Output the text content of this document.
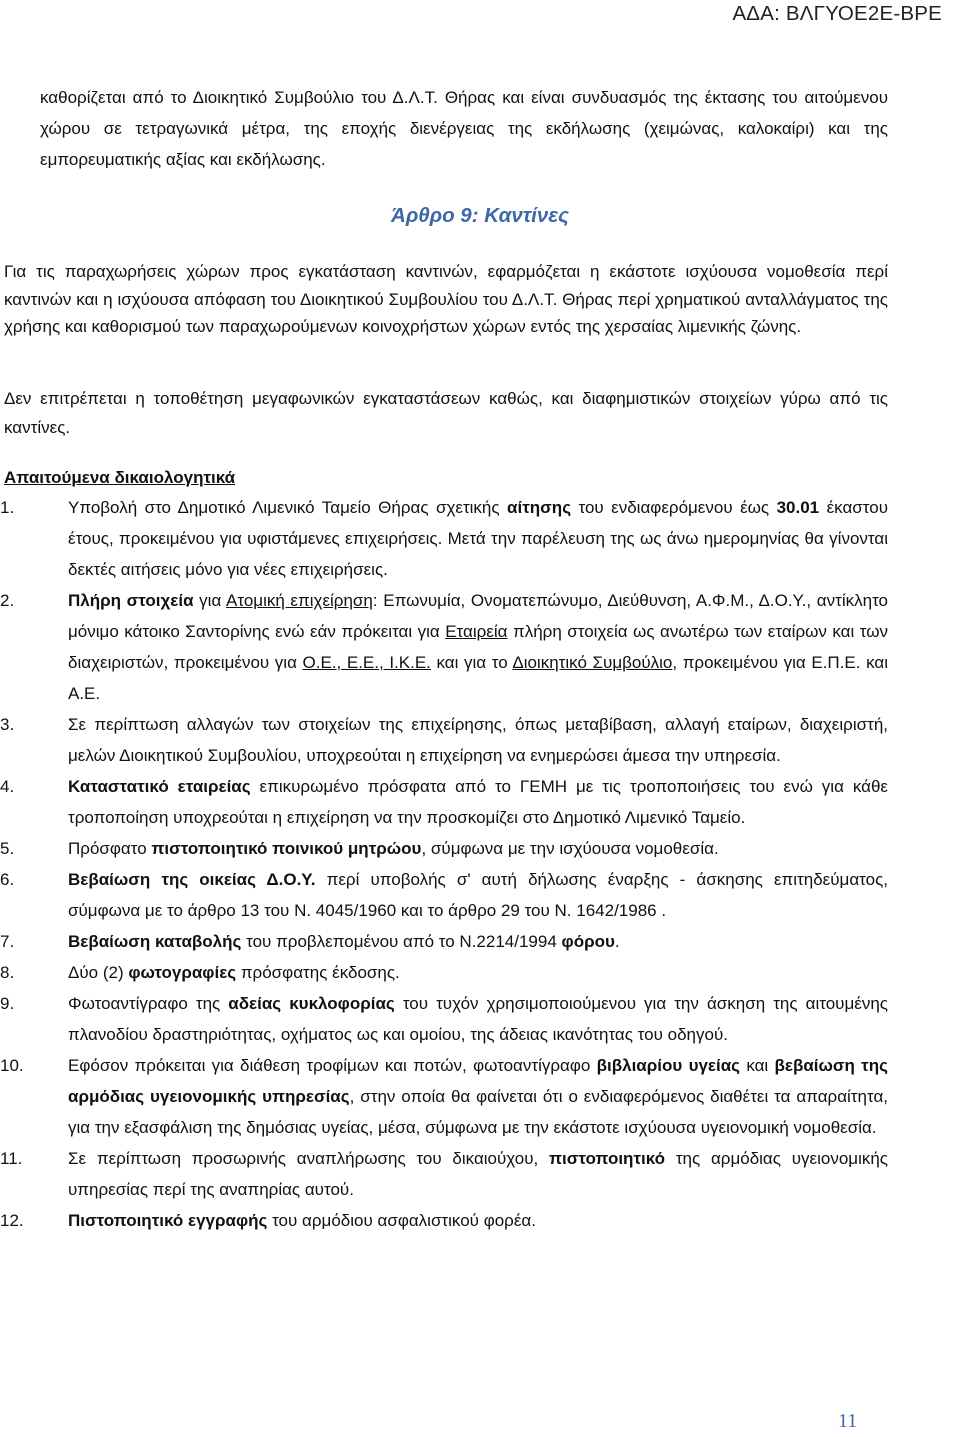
ΑΔΑ: ΒΛΓΥΟΕ2Ε-ΒΡΕ

καθορίζεται από το Διοικητικό Συμβούλιο του Δ.Λ.Τ. Θήρας και είναι συνδυασμός της έκτασης του αιτούμενου χώρου σε τετραγωνικά μέτρα, της εποχής διενέργειας της εκδήλωσης (χειμώνας, καλοκαίρι) και της εμπορευματικής αξίας και εκδήλωσης.

Άρθρο 9: Καντίνες

Για τις παραχωρήσεις χώρων προς εγκατάσταση καντινών, εφαρμόζεται η εκάστοτε ισχύουσα νομοθεσία περί καντινών και η ισχύουσα απόφαση του Διοικητικού Συμβουλίου του Δ.Λ.Τ. Θήρας περί χρηματικού ανταλλάγματος της χρήσης και καθορισμού των παραχωρούμενων κοινοχρήστων χώρων εντός της χερσαίας λιμενικής ζώνης.

Δεν επιτρέπεται η τοποθέτηση μεγαφωνικών εγκαταστάσεων καθώς, και διαφημιστικών στοιχείων γύρω από τις καντίνες.

Απαιτούμενα δικαιολογητικά
1.	Υποβολή στο Δημοτικό Λιμενικό Ταμείο Θήρας σχετικής αίτησης του ενδιαφερόμενου έως 30.01 έκαστου έτους, προκειμένου για υφιστάμενες επιχειρήσεις. Μετά την παρέλευση της ως άνω ημερομηνίας θα γίνονται δεκτές αιτήσεις μόνο για νέες επιχειρήσεις.
2.	Πλήρη στοιχεία για Ατομική επιχείρηση: Επωνυμία, Ονοματεπώνυμο, Διεύθυνση, Α.Φ.Μ., Δ.Ο.Υ., αντίκλητο μόνιμο κάτοικο Σαντορίνης ενώ εάν πρόκειται για Εταιρεία πλήρη στοιχεία ως ανωτέρω των εταίρων και των διαχειριστών, προκειμένου για Ο.Ε., Ε.Ε., Ι.Κ.Ε. και για το Διοικητικό Συμβούλιο, προκειμένου για Ε.Π.Ε. και Α.Ε.
3.	Σε περίπτωση αλλαγών των στοιχείων της επιχείρησης, όπως μεταβίβαση, αλλαγή εταίρων, διαχειριστή, μελών Διοικητικού Συμβουλίου, υποχρεούται η επιχείρηση να ενημερώσει άμεσα την υπηρεσία.
4.	Καταστατικό εταιρείας επικυρωμένο πρόσφατα από το ΓΕΜΗ με τις τροποποιήσεις του ενώ για κάθε τροποποίηση υποχρεούται η επιχείρηση να την προσκομίζει στο Δημοτικό Λιμενικό Ταμείο.
5.	Πρόσφατο πιστοποιητικό ποινικού μητρώου, σύμφωνα με την ισχύουσα νομοθεσία.
6.	Βεβαίωση της οικείας Δ.Ο.Υ. περί υποβολής σ' αυτή δήλωσης έναρξης - άσκησης επιτηδεύματος, σύμφωνα με το άρθρο 13 του Ν. 4045/1960 και το άρθρο 29 του Ν. 1642/1986 .
7.	Βεβαίωση καταβολής του προβλεπομένου από το Ν.2214/1994 φόρου.
8.	Δύο (2) φωτογραφίες πρόσφατης έκδοσης.
9.	Φωτοαντίγραφο της αδείας κυκλοφορίας του τυχόν χρησιμοποιούμενου για την άσκηση της αιτουμένης πλανοδίου δραστηριότητας, οχήματος ως και ομοίου, της άδειας ικανότητας του οδηγού.
10.	Εφόσον πρόκειται για διάθεση τροφίμων και ποτών, φωτοαντίγραφο βιβλιαρίου υγείας και βεβαίωση της αρμόδιας υγειονομικής υπηρεσίας, στην οποία θα φαίνεται ότι ο ενδιαφερόμενος διαθέτει τα απαραίτητα, για την εξασφάλιση της δημόσιας υγείας, μέσα, σύμφωνα με την εκάστοτε ισχύουσα υγειονομική νομοθεσία.
11.	Σε περίπτωση προσωρινής αναπλήρωσης του δικαιούχου, πιστοποιητικό της αρμόδιας υγειονομικής υπηρεσίας περί της αναπηρίας αυτού.
12.	Πιστοποιητικό εγγραφής του αρμόδιου ασφαλιστικού φορέα.
11
